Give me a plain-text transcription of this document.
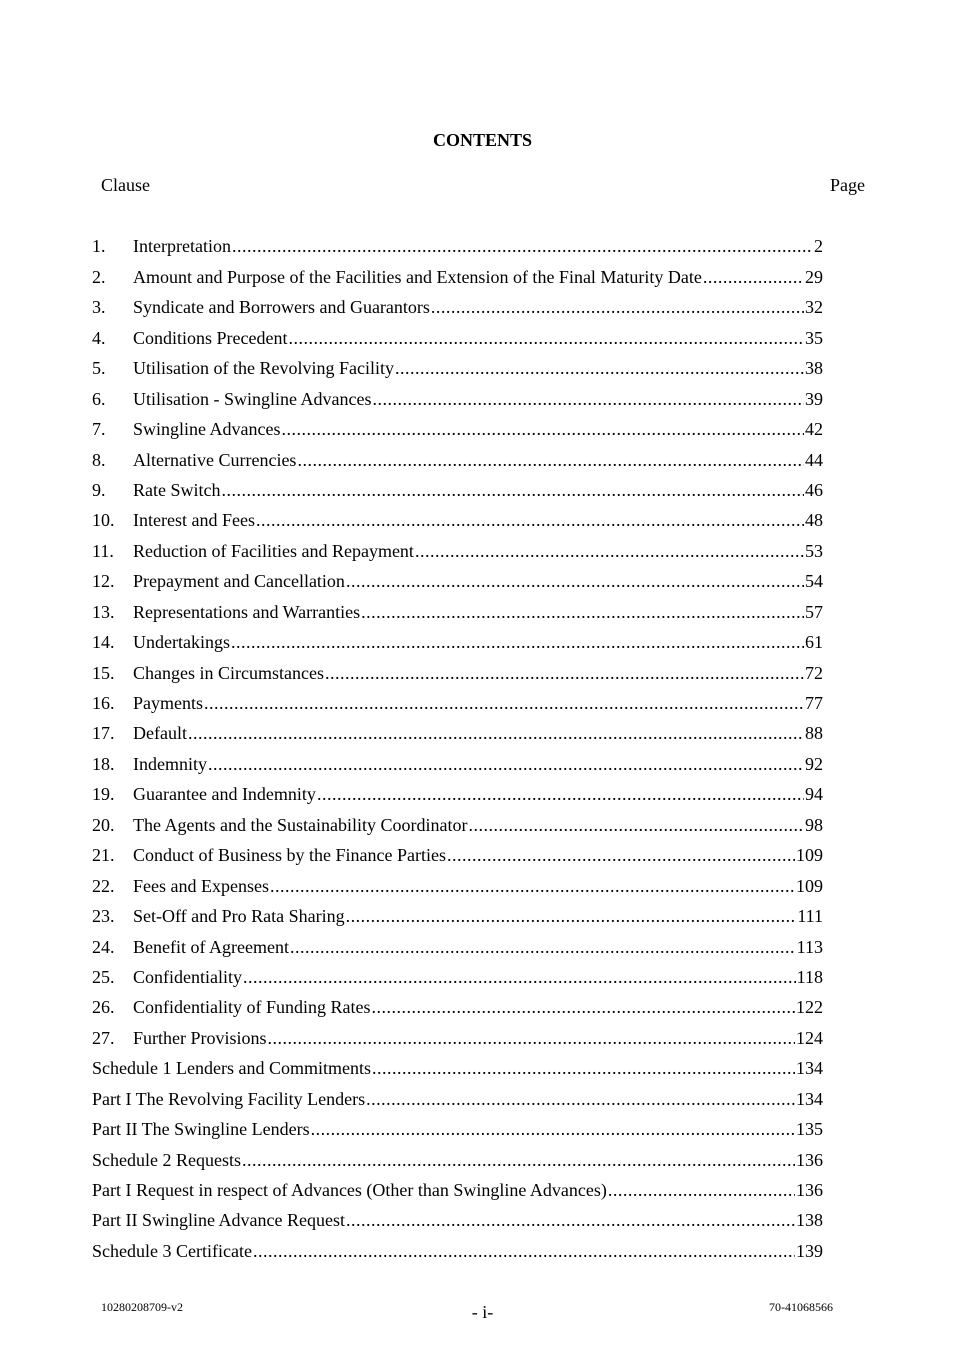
CONTENTS
Clause	Page
1.	Interpretation .....	2
2.	Amount and Purpose of the Facilities and Extension of the Final Maturity Date .....	29
3.	Syndicate and Borrowers and Guarantors .....	32
4.	Conditions Precedent .....	35
5.	Utilisation of the Revolving Facility .....	38
6.	Utilisation - Swingline Advances .....	39
7.	Swingline Advances .....	42
8.	Alternative Currencies .....	44
9.	Rate Switch .....	46
10.	Interest and Fees .....	48
11.	Reduction of Facilities and Repayment .....	53
12.	Prepayment and Cancellation .....	54
13.	Representations and Warranties .....	57
14.	Undertakings .....	61
15.	Changes in Circumstances .....	72
16.	Payments .....	77
17.	Default .....	88
18.	Indemnity .....	92
19.	Guarantee and Indemnity .....	94
20.	The Agents and the Sustainability Coordinator .....	98
21.	Conduct of Business by the Finance Parties .....	109
22.	Fees and Expenses .....	109
23.	Set-Off and Pro Rata Sharing .....	111
24.	Benefit of Agreement .....	113
25.	Confidentiality .....	118
26.	Confidentiality of Funding Rates .....	122
27.	Further Provisions .....	124
Schedule 1 Lenders and Commitments .....	134
Part I The Revolving Facility Lenders .....	134
Part II The Swingline Lenders .....	135
Schedule 2 Requests .....	136
Part I Request in respect of Advances (Other than Swingline Advances) .....	136
Part II Swingline Advance Request .....	138
Schedule 3 Certificate .....	139
10280208709-v2	- i-	70-41068566
